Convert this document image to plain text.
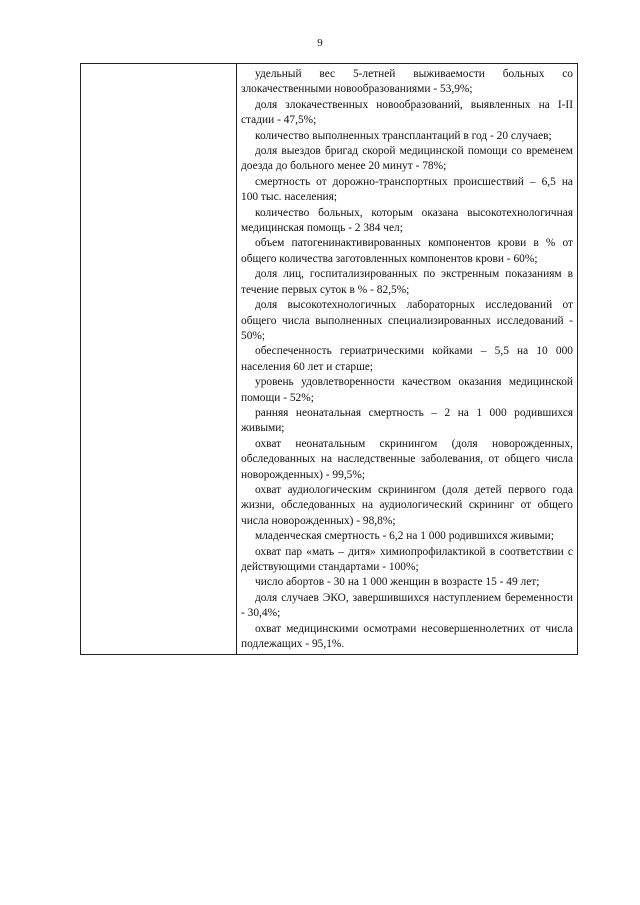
9

удельный вес 5-летней выживаемости больных со злокачественными новообразованиями - 53,9%;

доля злокачественных новообразований, выявленных на I-II стадии - 47,5%;

количество выполненных трансплантаций в год - 20 случаев;

доля выездов бригад скорой медицинской помощи со временем доезда до больного менее 20 минут - 78%;

смертность от дорожно-транспортных происшествий – 6,5 на 100 тыс. населения;

количество больных, которым оказана высокотехнологичная медицинская помощь - 2 384 чел;

объем патогенинактивированных компонентов крови в % от общего количества заготовленных компонентов крови - 60%;

доля лиц, госпитализированных по экстренным показаниям в течение первых суток в % - 82,5%;

доля высокотехнологичных лабораторных исследований от общего числа выполненных специализированных исследований - 50%;

обеспеченность гериатрическими койками – 5,5 на 10 000 населения 60 лет и старше;

уровень удовлетворенности качеством оказания медицинской помощи - 52%;

ранняя неонатальная смертность – 2 на 1 000 родившихся живыми;

охват неонатальным скринингом (доля новорожденных, обследованных на наследственные заболевания, от общего числа новорожденных) - 99,5%;

охват аудиологическим скринингом (доля детей первого года жизни, обследованных на аудиологический скрининг от общего числа новорожденных) - 98,8%;

младенческая смертность - 6,2 на 1 000 родившихся живыми;

охват пар «мать – дитя» химиопрофилактикой в соответствии с действующими стандартами - 100%;

число абортов - 30 на 1 000 женщин в возрасте 15 - 49 лет;

доля случаев ЭКО, завершившихся наступлением беременности - 30,4%;

охват медицинскими осмотрами несовершеннолетних от числа подлежащих - 95,1%.
